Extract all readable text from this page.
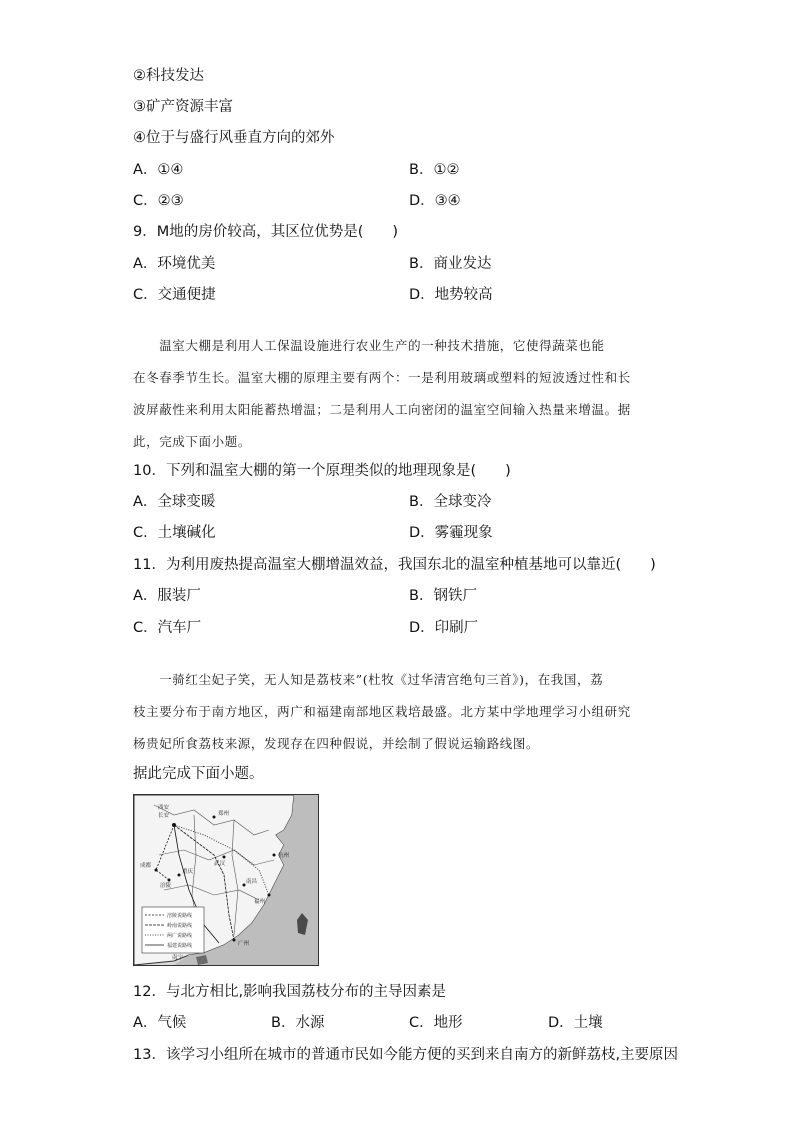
②科技发达
③矿产资源丰富
④位于与盛行风垂直方向的郊外
A．①④	B．①②
C．②③	D．③④
9．M地的房价较高，其区位优势是(　　)
A．环境优美	B．商业发达
C．交通便捷	D．地势较高

　　温室大棚是利用人工保温设施进行农业生产的一种技术措施，它使得蔬菜也能

在冬春季节生长。温室大棚的原理主要有两个：一是利用玻璃或塑料的短波透过性和长

波屏蔽性来利用太阳能蓄热增温；二是利用人工向密闭的温室空间输入热量来增温。据

此，完成下面小题。

10．下列和温室大棚的第一个原理类似的地理现象是(　　)
A．全球变暖	B．全球变冷
C．土壤碱化	D．雾霾现象
11．为利用废热提高温室大棚增温效益，我国东北的温室种植基地可以靠近(　　)
A．服装厂	B．钢铁厂
C．汽车厂	D．印刷厂

　　一骑红尘妃子笑，无人知是荔枝来”(杜牧《过华清宫绝句三首》)，在我国，荔

枝主要分布于南方地区，两广和福建南部地区栽培最盛。北方某中学地理学习小组研究

杨贵妃所食荔枝来源，发现存在四种假说，并绘制了假说运输路线图。

据此完成下面小题。
西安
长安	郑州
成都	武汉
杭州
福州
广州
南宁
重庆
涪陵
南昌
涪陵说路线
岭南说路线
两广说路线
福建说路线
12．与北方相比,影响我国荔枝分布的主导因素是
A．气候	B．水源	C．地形	D．土壤
13．该学习小组所在城市的普通市民如今能方便的买到来自南方的新鲜荔枝,主要原因
